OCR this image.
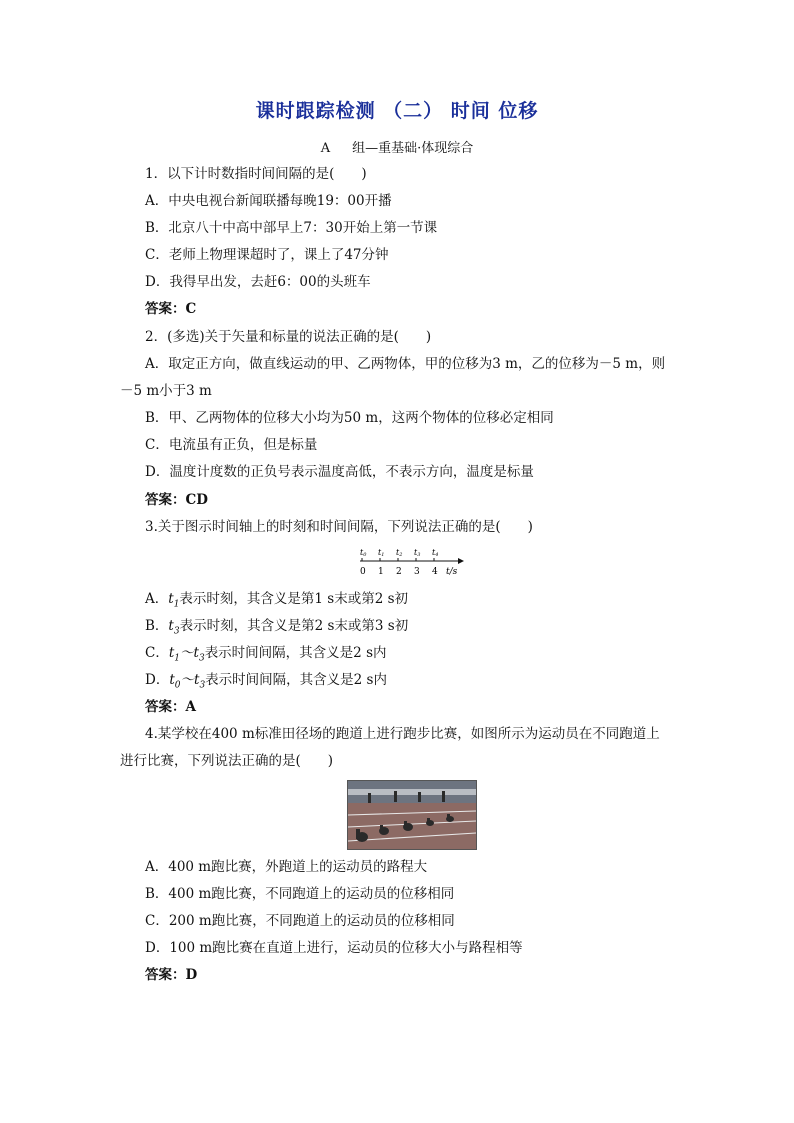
课时跟踪检测 （二） 时间 位移
A 组—重基础·体现综合
1．以下计时数指时间间隔的是(　　)
A．中央电视台新闻联播每晚19：00开播
B．北京八十中高中部早上7：30开始上第一节课
C．老师上物理课超时了，课上了47分钟
D．我得早出发，去赶6：00的头班车
答案：C
2．(多选)关于矢量和标量的说法正确的是(　　)
A．取定正方向，做直线运动的甲、乙两物体，甲的位移为3 m，乙的位移为－5 m，则
－5 m小于3 m
B．甲、乙两物体的位移大小均为50 m，这两个物体的位移必定相同
C．电流虽有正负，但是标量
D．温度计度数的正负号表示温度高低，不表示方向，温度是标量
答案：CD
3.关于图示时间轴上的时刻和时间间隔，下列说法正确的是(　　)
t0
0
t1
1
t2
2
t3
3
t4
4 t/s
A．$t_1$表示时刻，其含义是第1 s末或第2 s初
B．$t_3$表示时刻，其含义是第2 s末或第3 s初
C．$t_1\sim t_3$表示时间间隔，其含义是2 s内
D．$t_0\sim t_3$表示时间间隔，其含义是2 s内
答案：A
4.某学校在400 m标准田径场的跑道上进行跑步比赛，如图所示为运动员在不同跑道上
进行比赛，下列说法正确的是(　　)
A．400 m跑比赛，外跑道上的运动员的路程大
B．400 m跑比赛，不同跑道上的运动员的位移相同
C．200 m跑比赛，不同跑道上的运动员的位移相同
D．100 m跑比赛在直道上进行，运动员的位移大小与路程相等
答案：D
